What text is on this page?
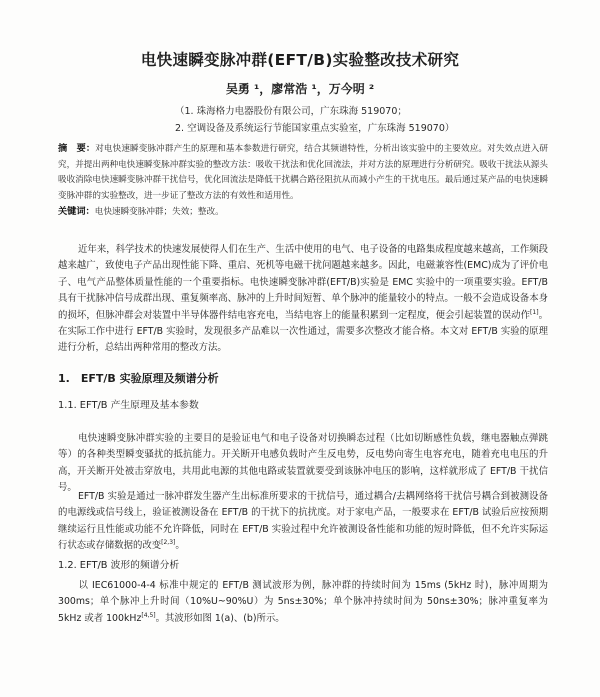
电快速瞬变脉冲群(EFT/B)实验整改技术研究
吴勇 ¹，廖常浩 ¹，万今明 ²
（1. 珠海格力电器股份有限公司，广东珠海 519070；
2. 空调设备及系统运行节能国家重点实验室，广东珠海 519070）
摘　要：对电快速瞬变脉冲群产生的原理和基本参数进行研究，结合其频谱特性，分析出该实验中的主要效应。对失效点进入研究，并提出两种电快速瞬变脉冲群实验的整改方法：吸收干扰法和优化回流法，并对方法的原理进行分析研究。吸收干扰法从源头吸收消除电快速瞬变脉冲群干扰信号，优化回流法是降低干扰耦合路径阻抗从而减小产生的干扰电压。最后通过某产品的电快速瞬变脉冲群的实验整改，进一步证了整改方法的有效性和适用性。
关键词：电快速瞬变脉冲群；失效；整改。
近年来，科学技术的快速发展使得人们在生产、生活中使用的电气、电子设备的电路集成程度越来越高，工作频段越来越广，致使电子产品出现性能下降、重启、死机等电磁干扰问题越来越多。因此，电磁兼容性(EMC)成为了评价电子、电气产品整体质量性能的一个重要指标。电快速瞬变脉冲群(EFT/B)实验是 EMC 实验中的一项重要实验。EFT/B 具有干扰脉冲信号成群出现、重复频率高、脉冲的上升时间短暂、单个脉冲的能量较小的特点。一般不会造成设备本身的损坏，但脉冲群会对装置中半导体器件结电容充电，当结电容上的能量积累到一定程度，便会引起装置的误动作[1]。在实际工作中进行 EFT/B 实验时，发现很多产品难以一次性通过，需要多次整改才能合格。本文对 EFT/B 实验的原理进行分析，总结出两种常用的整改方法。
1.　EFT/B 实验原理及频谱分析
1.1. EFT/B 产生原理及基本参数
电快速瞬变脉冲群实验的主要目的是验证电气和电子设备对切换瞬态过程（比如切断感性负载，继电器触点弹跳等）的各种类型瞬变骚扰的抵抗能力。开关断开电感负载时产生反电势，反电势向寄生电容充电，随着充电电压的升高，开关断开处被击穿放电，共用此电源的其他电路或装置就要受到该脉冲电压的影响，这样就形成了 EFT/B 干扰信号。
EFT/B 实验是通过一脉冲群发生器产生出标准所要求的干扰信号，通过耦合/去耦网络将干扰信号耦合到被测设备的电源线或信号线上，验证被测设备在 EFT/B 的干扰下的抗扰度。对于家电产品，一般要求在 EFT/B 试验后应按预期继续运行且性能或功能不允许降低，同时在 EFT/B 实验过程中允许被测设备性能和功能的短时降低，但不允许实际运行状态或存储数据的改变[2,3]。
1.2. EFT/B 波形的频谱分析
以 IEC61000-4-4 标准中规定的 EFT/B 测试波形为例，脉冲群的持续时间为 15ms (5kHz 时)，脉冲周期为 300ms；单个脉冲上升时间（10%U~90%U）为 5ns±30%；单个脉冲持续时间为 50ns±30%；脉冲重复率为 5kHz 或者 100kHz[4,5]。其波形如图 1(a)、(b)所示。
